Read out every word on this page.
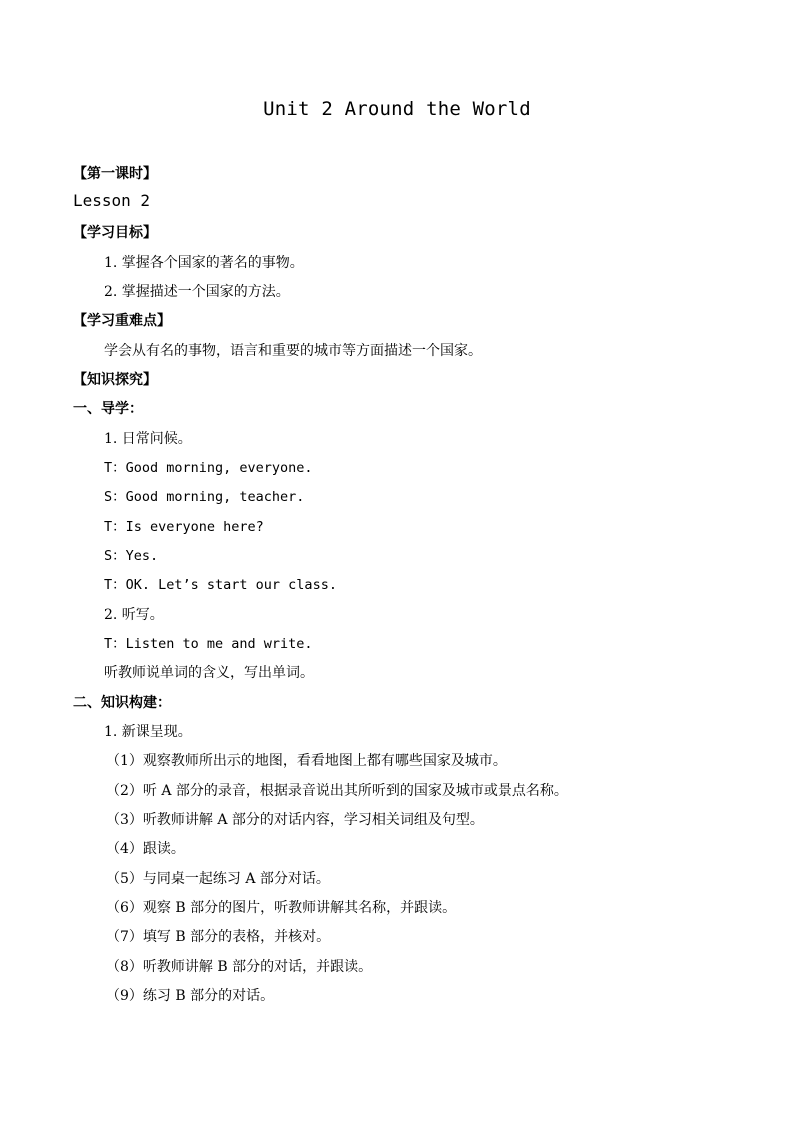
Unit 2 Around the World
【第一课时】
Lesson 2
【学习目标】
1. 掌握各个国家的著名的事物。
2. 掌握描述一个国家的方法。
【学习重难点】
学会从有名的事物，语言和重要的城市等方面描述一个国家。
【知识探究】
一、导学：
1. 日常问候。
T：Good morning, everyone.
S：Good morning, teacher.
T：Is everyone here?
S：Yes.
T：OK. Let’s start our class.
2. 听写。
T：Listen to me and write.
听教师说单词的含义，写出单词。
二、知识构建：
1. 新课呈现。
（1）观察教师所出示的地图，看看地图上都有哪些国家及城市。
（2）听 A 部分的录音，根据录音说出其所听到的国家及城市或景点名称。
（3）听教师讲解 A 部分的对话内容，学习相关词组及句型。
（4）跟读。
（5）与同桌一起练习 A 部分对话。
（6）观察 B 部分的图片，听教师讲解其名称，并跟读。
（7）填写 B 部分的表格，并核对。
（8）听教师讲解 B 部分的对话，并跟读。
（9）练习 B 部分的对话。
